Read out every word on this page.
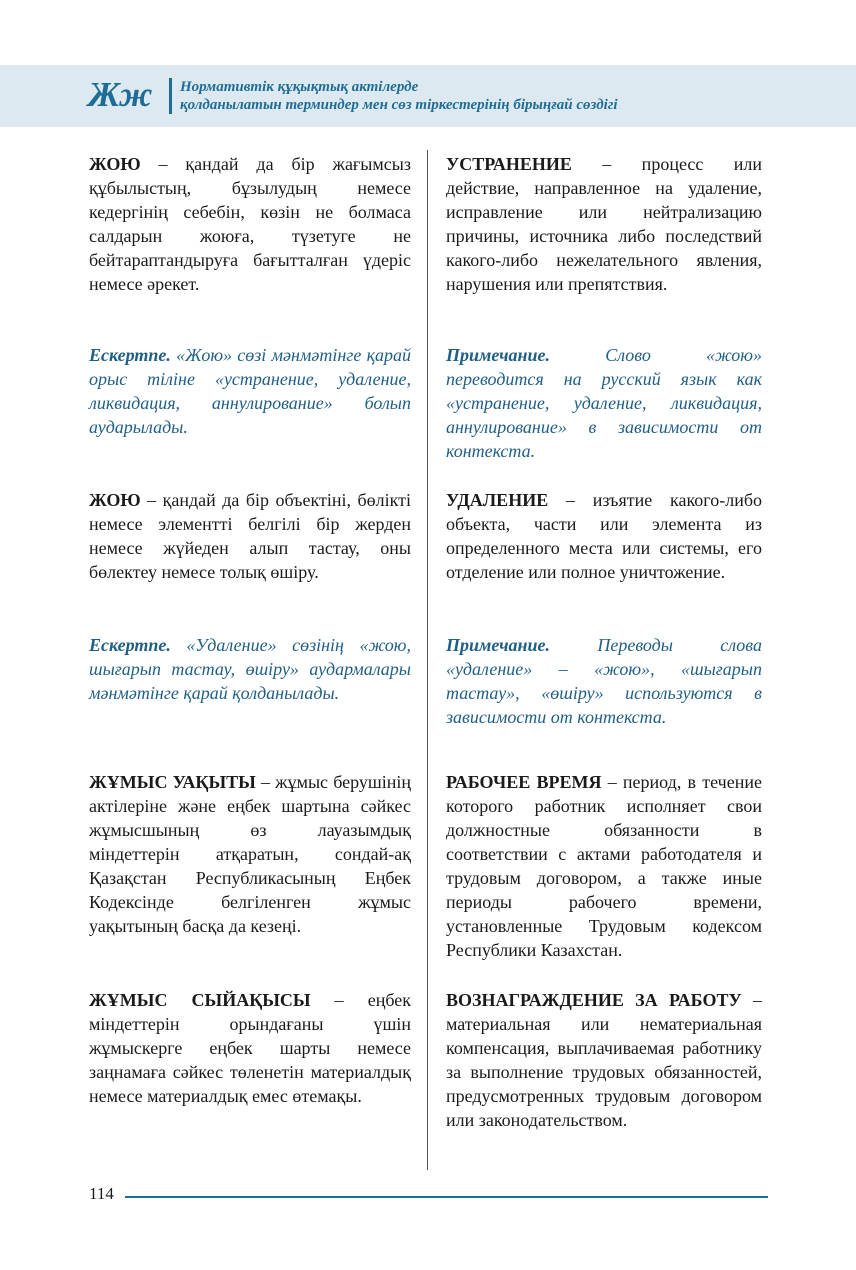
Жж Нормативтік құқықтық актілерде
қолданылатын терминдер мен сөз тіркестерінің бірыңғай сөздігі
ЖОЮ – қандай да бір жағымсыз құбылыстың, бұзылудың немесе кедергінің себебін, көзін не болмаса салдарын жоюға, түзетуге не бейтараптандыруға бағытталған үдеріс немесе әрекет.
УСТРАНЕНИЕ – процесс или действие, направленное на удаление, исправление или нейтрализацию причины, источника либо последствий какого-либо нежелательного явления, нарушения или препятствия.
Ескертпе. «Жою» сөзі мәнмәтінге қарай орыс тіліне «устранение, удаление, ликвидация, аннулирование» болып аударылады.
Примечание. Слово «жою» переводится на русский язык как «устранение, удаление, ликвидация, аннулирование» в зависимости от контекста.
ЖОЮ – қандай да бір объектіні, бөлікті немесе элементті белгілі бір жерден немесе жүйеден алып тастау, оны бөлектеу немесе толық өшіру.
УДАЛЕНИЕ – изъятие какого-либо объекта, части или элемента из определенного места или системы, его отделение или полное уничтожение.
Ескертпе. «Удаление» сөзінің «жою, шығарып тастау, өшіру» аудармалары мәнмәтінге қарай қолданылады.
Примечание. Переводы слова «удаление» – «жою», «шығарып тастау», «өшіру» используются в зависимости от контекста.
ЖҰМЫС УАҚЫТЫ – жұмыс берушінің актілеріне және еңбек шартына сәйкес жұмысшының өз лауазымдық міндеттерін атқаратын, сондай-ақ Қазақстан Республикасының Еңбек Кодексінде белгіленген жұмыс уақытының басқа да кезеңі.
РАБОЧЕЕ ВРЕМЯ – период, в течение которого работник исполняет свои должностные обязанности в соответствии с актами работодателя и трудовым договором, а также иные периоды рабочего времени, установленные Трудовым кодексом Республики Казахстан.
ЖҰМЫС СЫЙАҚЫСЫ – еңбек міндеттерін орындағаны үшін жұмыскерге еңбек шарты немесе заңнамаға сәйкес төленетін материалдық немесе материалдық емес өтемақы.
ВОЗНАГРАЖДЕНИЕ ЗА РАБОТУ – материальная или нематериальная компенсация, выплачиваемая работнику за выполнение трудовых обязанностей, предусмотренных трудовым договором или законодательством.
114
